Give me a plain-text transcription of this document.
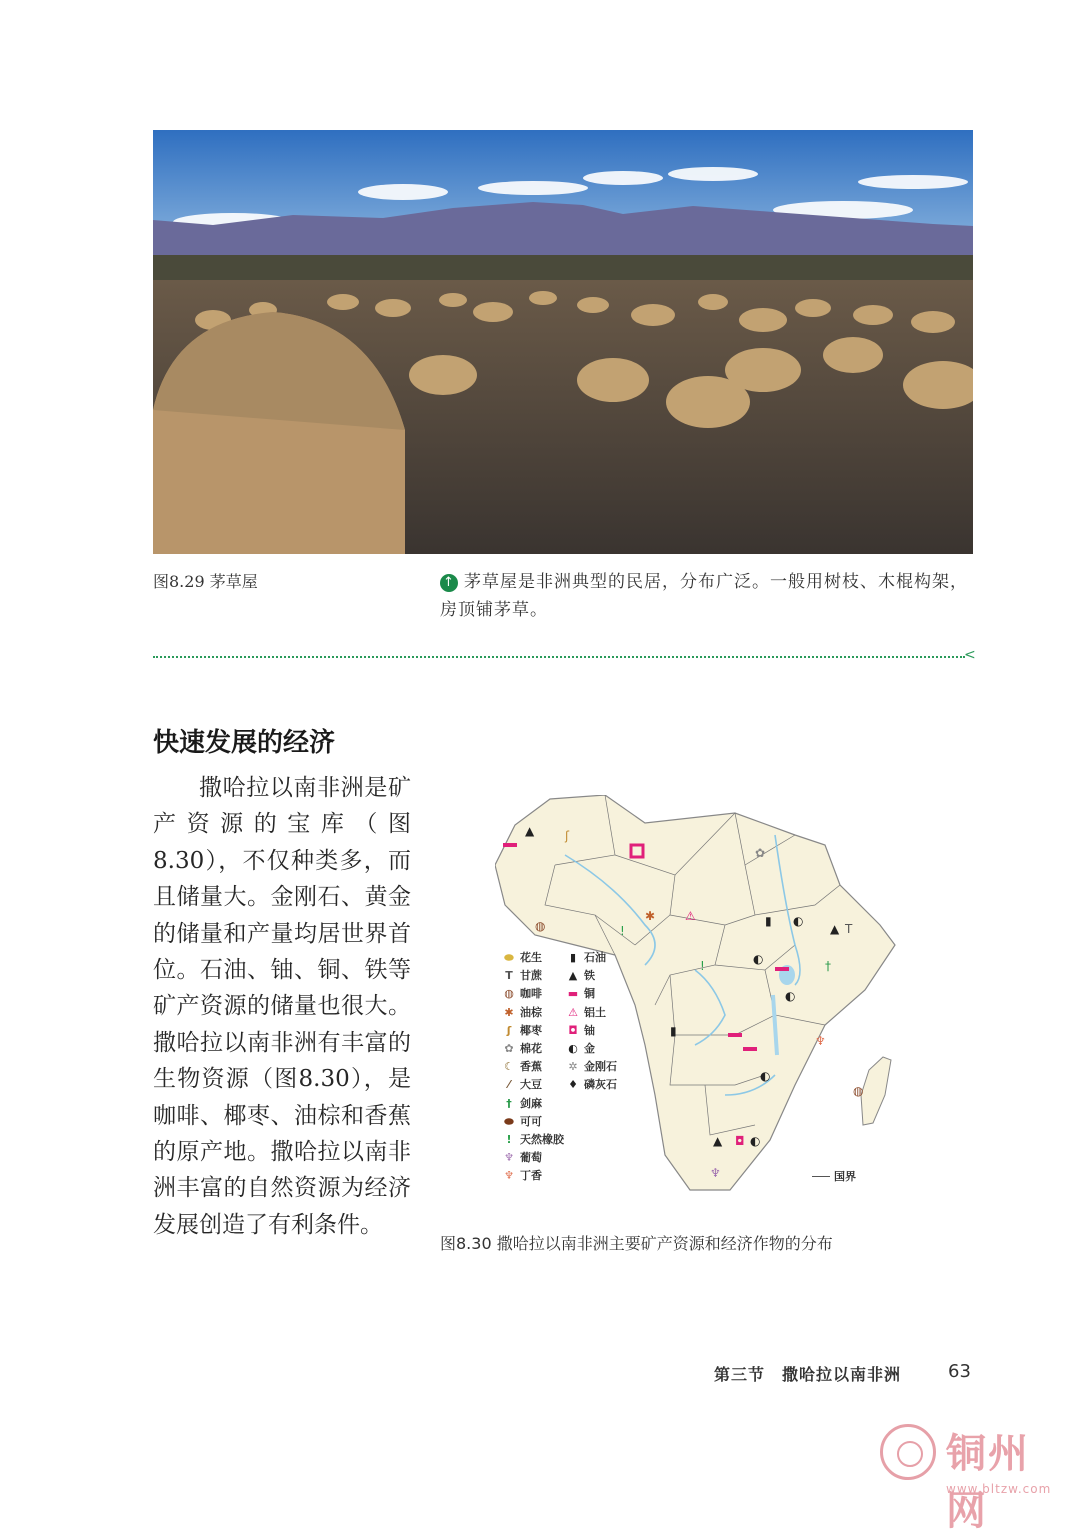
图8.29 茅草屋	↑ 茅草屋是非洲典型的民居，分布广泛。一般用树枝、木棍构架，房顶铺茅草。
<
快速发展的经济

撒哈拉以南非洲是矿产资源的宝库（图8.30），不仅种类多，而且储量大。金刚石、黄金的储量和产量均居世界首位。石油、铀、铜、铁等矿产资源的储量也很大。撒哈拉以南非洲有丰富的生物资源（图8.30），是咖啡、椰枣、油棕和香蕉的原产地。撒哈拉以南非洲丰富的自然资源为经济发展创造了有利条件。

▲	ʃ
✿
▮ ◐
▲ T
⚠
✱
◍	!
◐
◐
†
!
▮
◐
◘ ◐
▲
♆
◍
♆
⬬ 花生
T 甘蔗
◍ 咖啡
✱ 油棕
ʃ 椰枣
✿ 棉花
☾ 香蕉
⁄ 大豆
† 剑麻
⬬ 可可
! 天然橡胶
♆ 葡萄
♆ 丁香
▮ 石油
▲ 铁
▬ 铜
⚠ 铝土
◘ 铀
◐ 金
✲ 金刚石
♦ 磷灰石
国界
图8.30 撒哈拉以南非洲主要矿产资源和经济作物的分布
第三节　撒哈拉以南非洲	63
铜州网
www.bltzw.com
